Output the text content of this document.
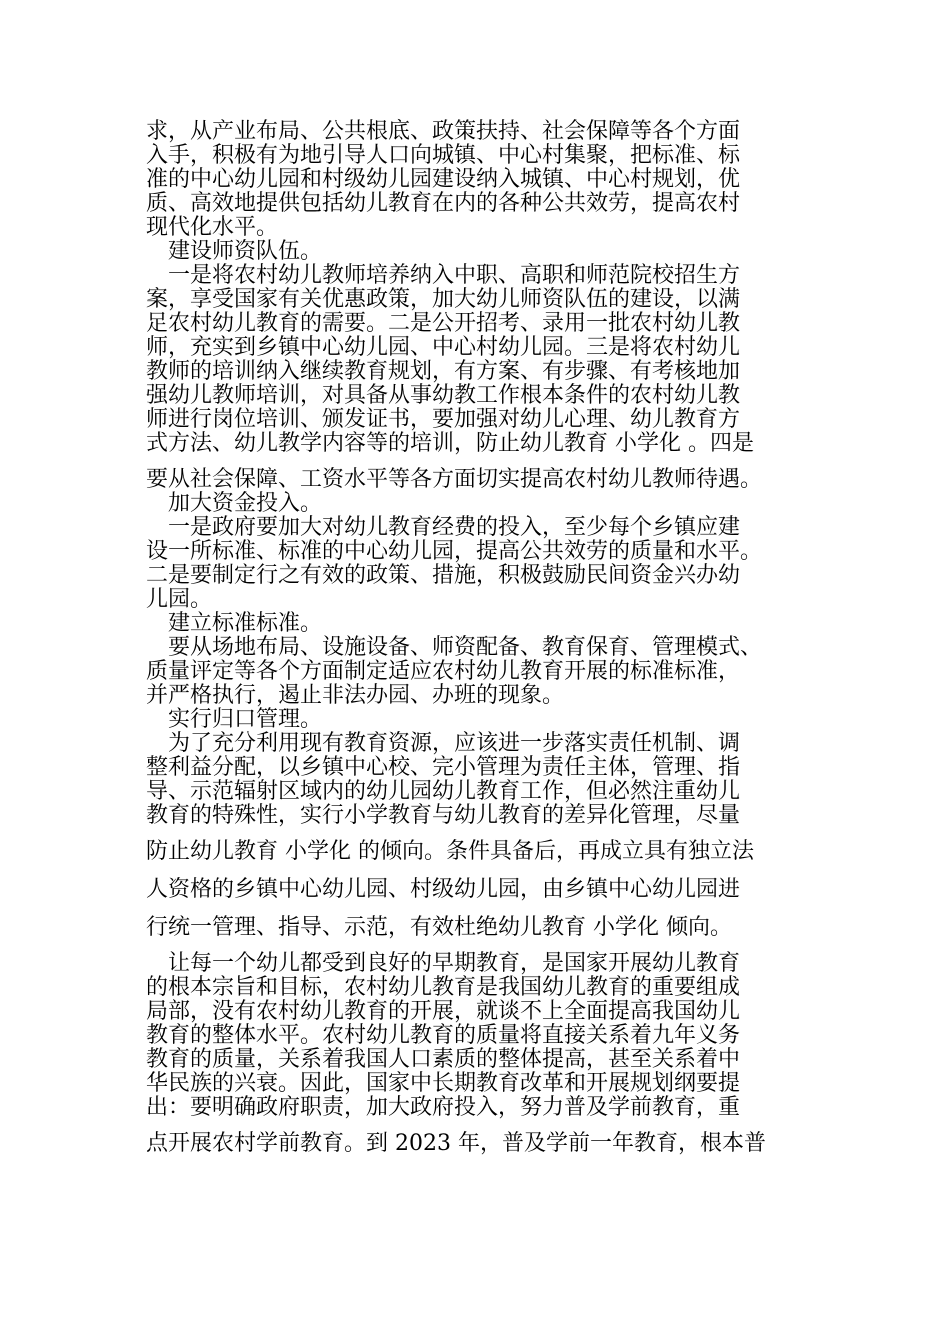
求，从产业布局、公共根底、政策扶持、社会保障等各个方面
入手，积极有为地引导人口向城镇、中心村集聚，把标准、标
准的中心幼儿园和村级幼儿园建设纳入城镇、中心村规划，优
质、高效地提供包括幼儿教育在内的各种公共效劳，提高农村
现代化水平。
建设师资队伍。
一是将农村幼儿教师培养纳入中职、高职和师范院校招生方
案，享受国家有关优惠政策，加大幼儿师资队伍的建设，以满
足农村幼儿教育的需要。二是公开招考、录用一批农村幼儿教
师，充实到乡镇中心幼儿园、中心村幼儿园。三是将农村幼儿
教师的培训纳入继续教育规划，有方案、有步骤、有考核地加
强幼儿教师培训，对具备从事幼教工作根本条件的农村幼儿教
师进行岗位培训、颁发证书，要加强对幼儿心理、幼儿教育方
式方法、幼儿教学内容等的培训，防止幼儿教育 小学化 。四是
要从社会保障、工资水平等各方面切实提高农村幼儿教师待遇。
加大资金投入。
一是政府要加大对幼儿教育经费的投入，至少每个乡镇应建
设一所标准、标准的中心幼儿园，提高公共效劳的质量和水平。
二是要制定行之有效的政策、措施，积极鼓励民间资金兴办幼
儿园。
建立标准标准。
要从场地布局、设施设备、师资配备、教育保育、管理模式、
质量评定等各个方面制定适应农村幼儿教育开展的标准标准，
并严格执行，遏止非法办园、办班的现象。
实行归口管理。
为了充分利用现有教育资源，应该进一步落实责任机制、调
整利益分配，以乡镇中心校、完小管理为责任主体，管理、指
导、示范辐射区域内的幼儿园幼儿教育工作，但必然注重幼儿
教育的特殊性，实行小学教育与幼儿教育的差异化管理，尽量
防止幼儿教育 小学化 的倾向。条件具备后，再成立具有独立法
人资格的乡镇中心幼儿园、村级幼儿园，由乡镇中心幼儿园进
行统一管理、指导、示范，有效杜绝幼儿教育 小学化 倾向。
让每一个幼儿都受到良好的早期教育，是国家开展幼儿教育
的根本宗旨和目标，农村幼儿教育是我国幼儿教育的重要组成
局部，没有农村幼儿教育的开展，就谈不上全面提高我国幼儿
教育的整体水平。农村幼儿教育的质量将直接关系着九年义务
教育的质量，关系着我国人口素质的整体提高，甚至关系着中
华民族的兴衰。因此，国家中长期教育改革和开展规划纲要提
出：要明确政府职责，加大政府投入，努力普及学前教育，重
点开展农村学前教育。到 2023 年，普及学前一年教育，根本普
